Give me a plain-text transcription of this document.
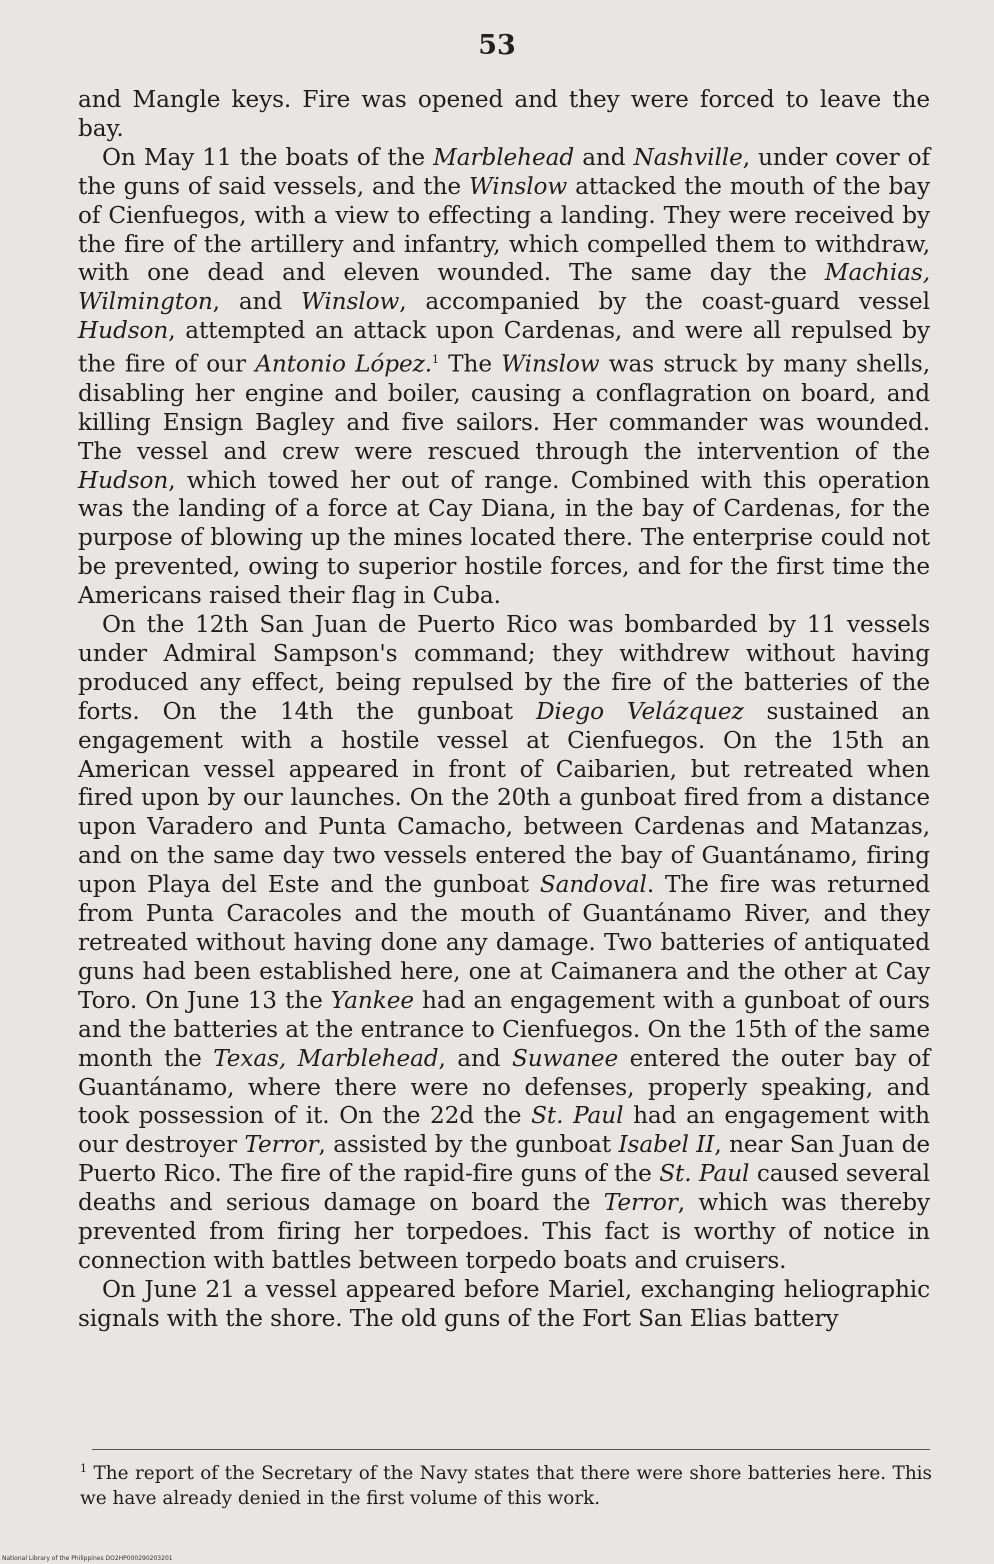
53

and Mangle keys. Fire was opened and they were forced to leave the bay.

On May 11 the boats of the Marblehead and Nashville, under cover of the guns of said vessels, and the Winslow attacked the mouth of the bay of Cienfuegos, with a view to effecting a landing. They were received by the fire of the artillery and infantry, which compelled them to withdraw, with one dead and eleven wounded. The same day the Machias, Wilmington, and Winslow, accompanied by the coast-guard vessel Hudson, attempted an attack upon Cardenas, and were all repulsed by the fire of our Antonio López.$^1$ The Winslow was struck by many shells, disabling her engine and boiler, causing a conflagration on board, and killing Ensign Bagley and five sailors. Her commander was wounded. The vessel and crew were rescued through the intervention of the Hudson, which towed her out of range. Combined with this operation was the landing of a force at Cay Diana, in the bay of Cardenas, for the purpose of blowing up the mines located there. The enterprise could not be prevented, owing to superior hostile forces, and for the first time the Americans raised their flag in Cuba.

On the 12th San Juan de Puerto Rico was bombarded by 11 vessels under Admiral Sampson's command; they withdrew without having produced any effect, being repulsed by the fire of the batteries of the forts. On the 14th the gunboat Diego Velázquez sustained an engagement with a hostile vessel at Cienfuegos. On the 15th an American vessel appeared in front of Caibarien, but retreated when fired upon by our launches. On the 20th a gunboat fired from a distance upon Varadero and Punta Camacho, between Cardenas and Matanzas, and on the same day two vessels entered the bay of Guantánamo, firing upon Playa del Este and the gunboat Sandoval. The fire was returned from Punta Caracoles and the mouth of Guantánamo River, and they retreated without having done any damage. Two batteries of antiquated guns had been established here, one at Caimanera and the other at Cay Toro. On June 13 the Yankee had an engagement with a gunboat of ours and the batteries at the entrance to Cienfuegos. On the 15th of the same month the Texas, Marblehead, and Suwanee entered the outer bay of Guantánamo, where there were no defenses, properly speaking, and took possession of it. On the 22d the St. Paul had an engagement with our destroyer Terror, assisted by the gunboat Isabel II, near San Juan de Puerto Rico. The fire of the rapid-fire guns of the St. Paul caused several deaths and serious damage on board the Terror, which was thereby prevented from firing her torpedoes. This fact is worthy of notice in connection with battles between torpedo boats and cruisers.

On June 21 a vessel appeared before Mariel, exchanging heliographic signals with the shore. The old guns of the Fort San Elias battery

$^1$ The report of the Secretary of the Navy states that there were shore batteries here. This we have already denied in the first volume of this work.
National Library of the Philippines DO2HP000290203201
